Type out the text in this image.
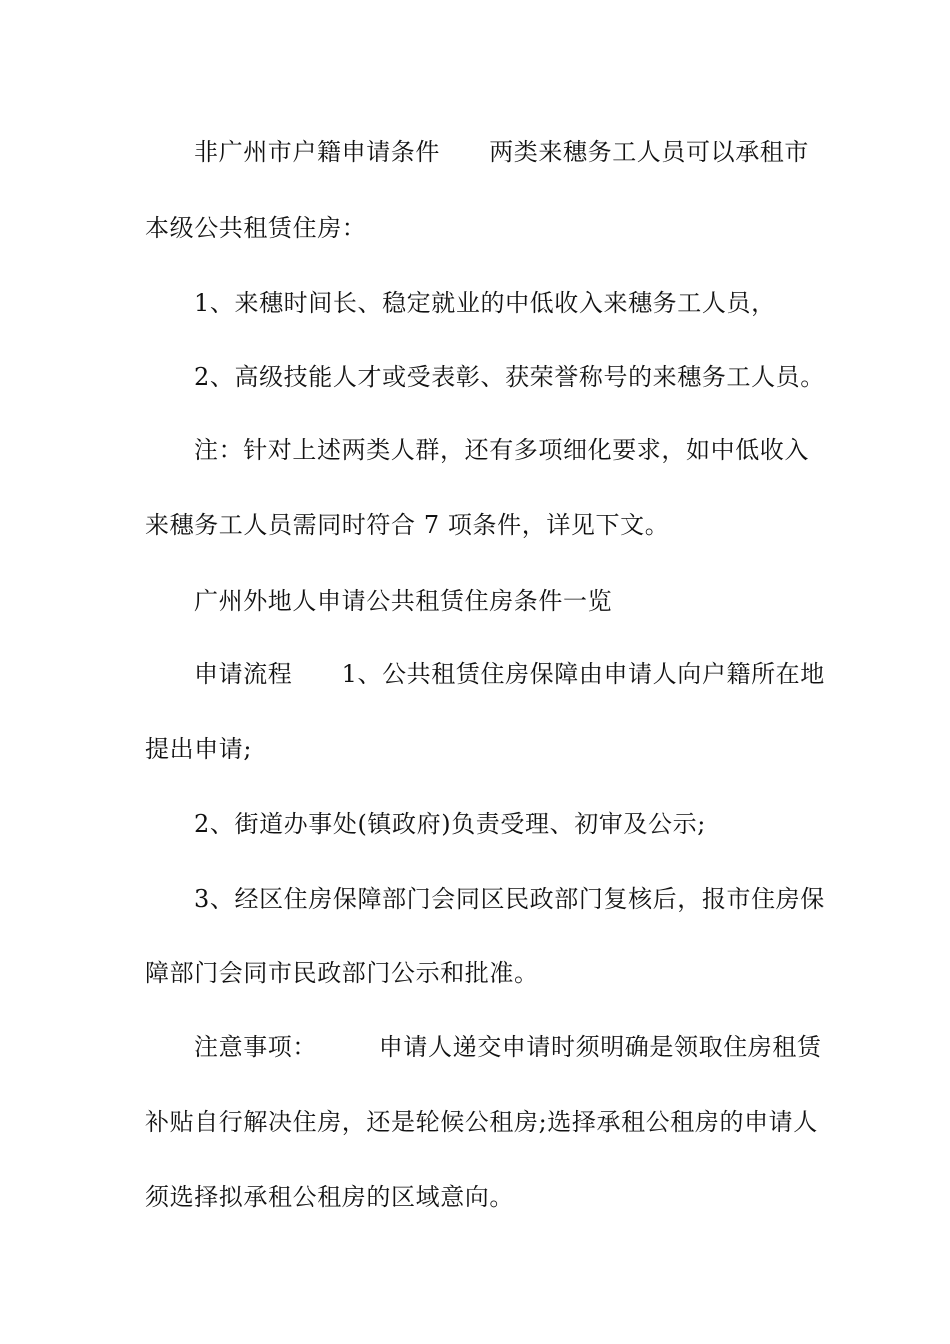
非广州市户籍申请条件　　两类来穗务工人员可以承租市
本级公共租赁住房：
1、来穗时间长、稳定就业的中低收入来穗务工人员，
2、高级技能人才或受表彰、获荣誉称号的来穗务工人员。
注：针对上述两类人群，还有多项细化要求，如中低收入
来穗务工人员需同时符合 7 项条件，详见下文。
广州外地人申请公共租赁住房条件一览
申请流程　　1、公共租赁住房保障由申请人向户籍所在地
提出申请;
2、街道办事处(镇政府)负责受理、初审及公示;
3、经区住房保障部门会同区民政部门复核后，报市住房保
障部门会同市民政部门公示和批准。
注意事项：　　　申请人递交申请时须明确是领取住房租赁
补贴自行解决住房，还是轮候公租房;选择承租公租房的申请人
须选择拟承租公租房的区域意向。
